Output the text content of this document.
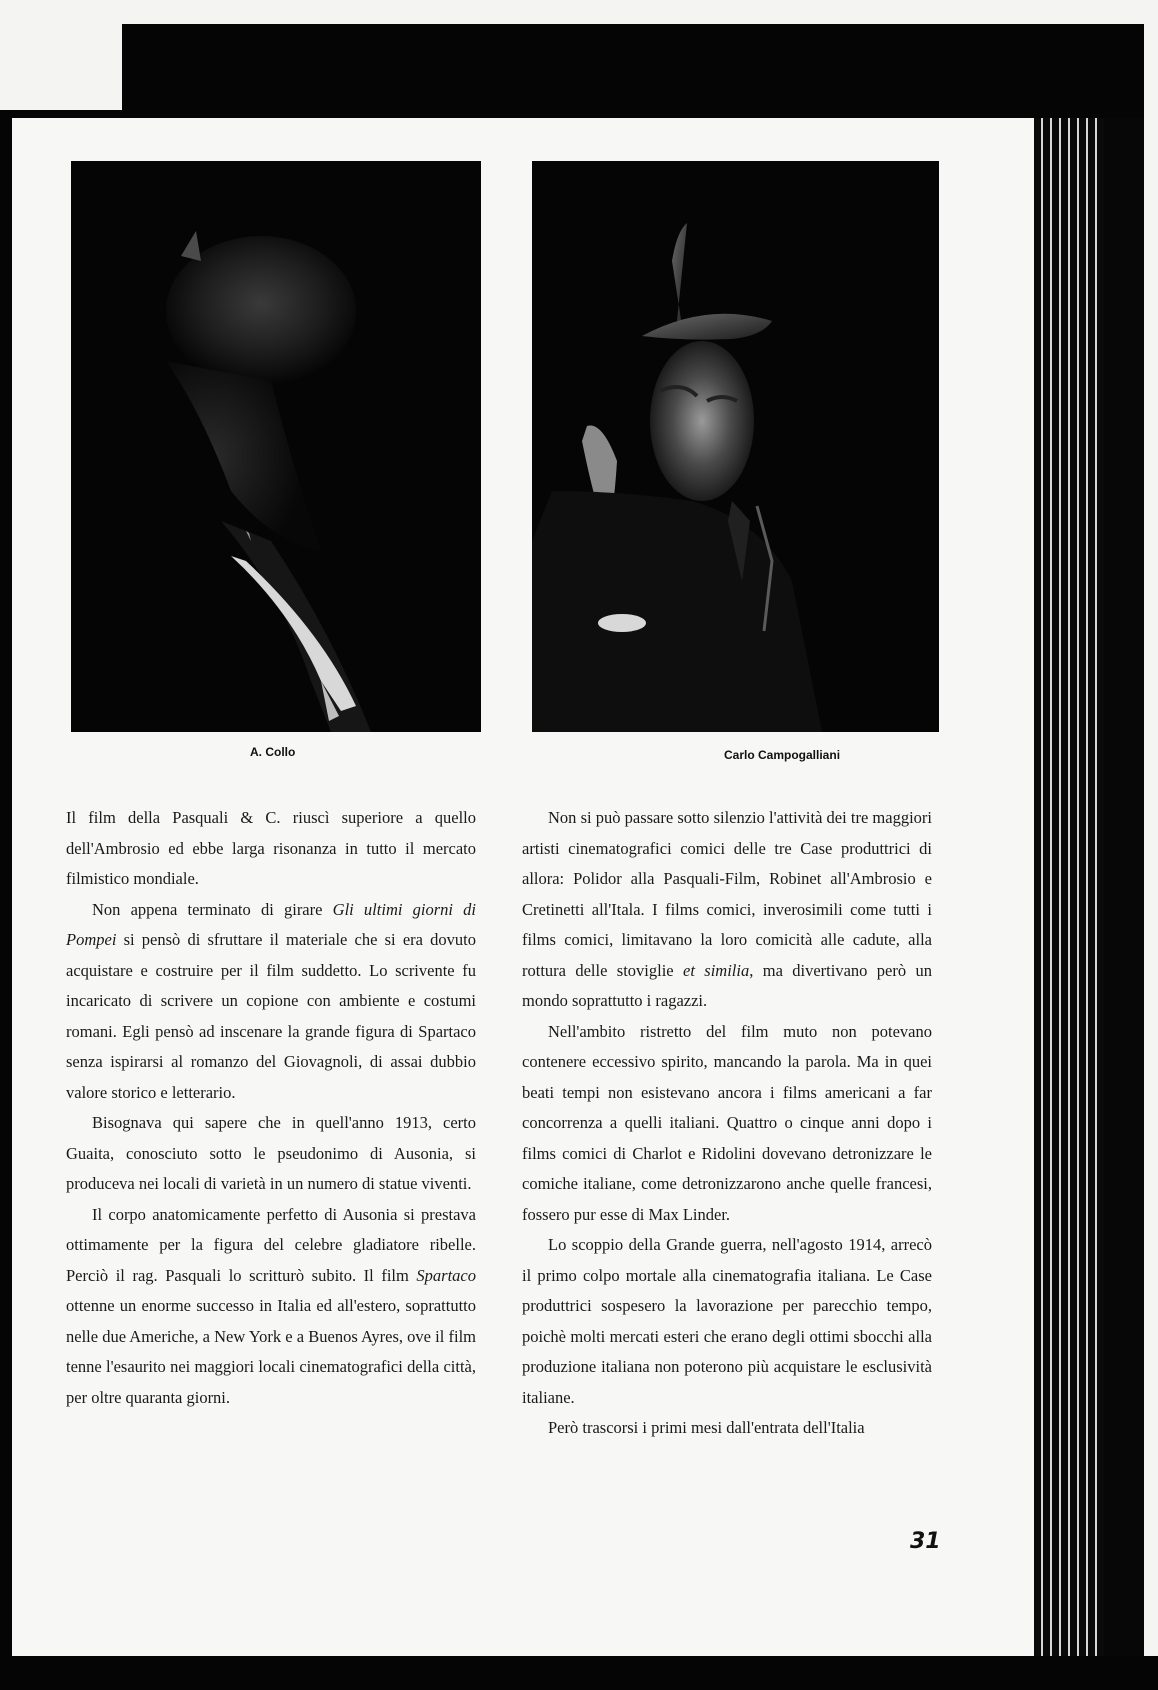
A. Collo	Carlo Campogalliani

Il film della Pasquali & C. riuscì superiore a quello dell'Ambrosio ed ebbe larga risonanza in tutto il mercato filmistico mondiale.

Non appena terminato di girare Gli ultimi giorni di Pompei si pensò di sfruttare il materiale che si era dovuto acquistare e costruire per il film suddetto. Lo scrivente fu incaricato di scrivere un copione con ambiente e costumi romani. Egli pensò ad inscenare la grande figura di Spartaco senza ispirarsi al romanzo del Giovagnoli, di assai dubbio valore storico e letterario.

Bisognava qui sapere che in quell'anno 1913, certo Guaita, conosciuto sotto le pseudonimo di Ausonia, si produceva nei locali di varietà in un numero di statue viventi.

Il corpo anatomicamente perfetto di Ausonia si prestava ottimamente per la figura del celebre gladiatore ribelle. Perciò il rag. Pasquali lo scritturò subito. Il film Spartaco ottenne un enorme successo in Italia ed all'estero, soprattutto nelle due Americhe, a New York e a Buenos Ayres, ove il film tenne l'esaurito nei maggiori locali cinematografici della città, per oltre quaranta giorni.

Non si può passare sotto silenzio l'attività dei tre maggiori artisti cinematografici comici delle tre Case produttrici di allora: Polidor alla Pasquali-Film, Robinet all'Ambrosio e Cretinetti all'Itala. I films comici, inverosimili come tutti i films comici, limitavano la loro comicità alle cadute, alla rottura delle stoviglie et similia, ma divertivano però un mondo soprattutto i ragazzi.

Nell'ambito ristretto del film muto non potevano contenere eccessivo spirito, mancando la parola. Ma in quei beati tempi non esistevano ancora i films americani a far concorrenza a quelli italiani. Quattro o cinque anni dopo i films comici di Charlot e Ridolini dovevano detronizzare le comiche italiane, come detronizzarono anche quelle francesi, fossero pur esse di Max Linder.

Lo scoppio della Grande guerra, nell'agosto 1914, arrecò il primo colpo mortale alla cinematografia italiana. Le Case produttrici sospesero la lavorazione per parecchio tempo, poichè molti mercati esteri che erano degli ottimi sbocchi alla produzione italiana non poterono più acquistare le esclusività italiane.

Però trascorsi i primi mesi dall'entrata dell'Italia

31
